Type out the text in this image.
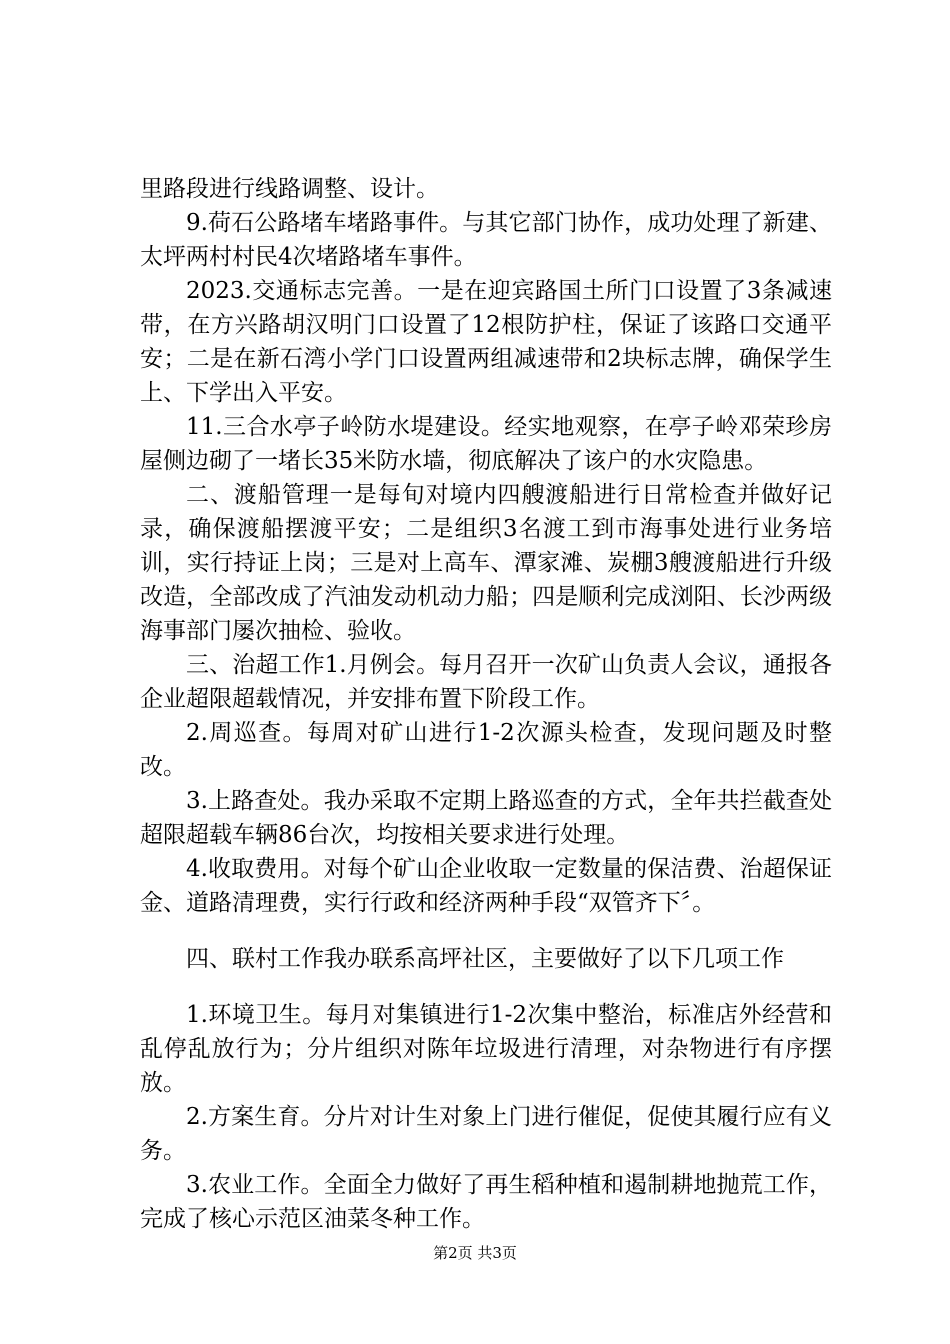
里路段进行线路调整、设计。

9.荷石公路堵车堵路事件。与其它部门协作，成功处理了新建、太坪两村村民4次堵路堵车事件。

2023.交通标志完善。一是在迎宾路国土所门口设置了3条减速带，在方兴路胡汉明门口设置了12根防护柱，保证了该路口交通平安；二是在新石湾小学门口设置两组减速带和2块标志牌，确保学生上、下学出入平安。

11.三合水亭子岭防水堤建设。经实地观察，在亭子岭邓荣珍房屋侧边砌了一堵长35米防水墙，彻底解决了该户的水灾隐患。

二、渡船管理一是每旬对境内四艘渡船进行日常检查并做好记录，确保渡船摆渡平安；二是组织3名渡工到市海事处进行业务培训，实行持证上岗；三是对上高车、潭家滩、炭棚3艘渡船进行升级改造，全部改成了汽油发动机动力船；四是顺利完成浏阳、长沙两级海事部门屡次抽检、验收。

三、治超工作1.月例会。每月召开一次矿山负责人会议，通报各企业超限超载情况，并安排布置下阶段工作。

2.周巡查。每周对矿山进行1-2次源头检查，发现问题及时整改。

3.上路查处。我办采取不定期上路巡查的方式，全年共拦截查处超限超载车辆86台次，均按相关要求进行处理。

4.收取费用。对每个矿山企业收取一定数量的保洁费、治超保证金、道路清理费，实行行政和经济两种手段“双管齐下〞。

四、联村工作我办联系高坪社区，主要做好了以下几项工作

1.环境卫生。每月对集镇进行1-2次集中整治，标准店外经营和乱停乱放行为；分片组织对陈年垃圾进行清理，对杂物进行有序摆放。

2.方案生育。分片对计生对象上门进行催促，促使其履行应有义务。

3.农业工作。全面全力做好了再生稻种植和遏制耕地抛荒工作，完成了核心示范区油菜冬种工作。

第2页 共3页
